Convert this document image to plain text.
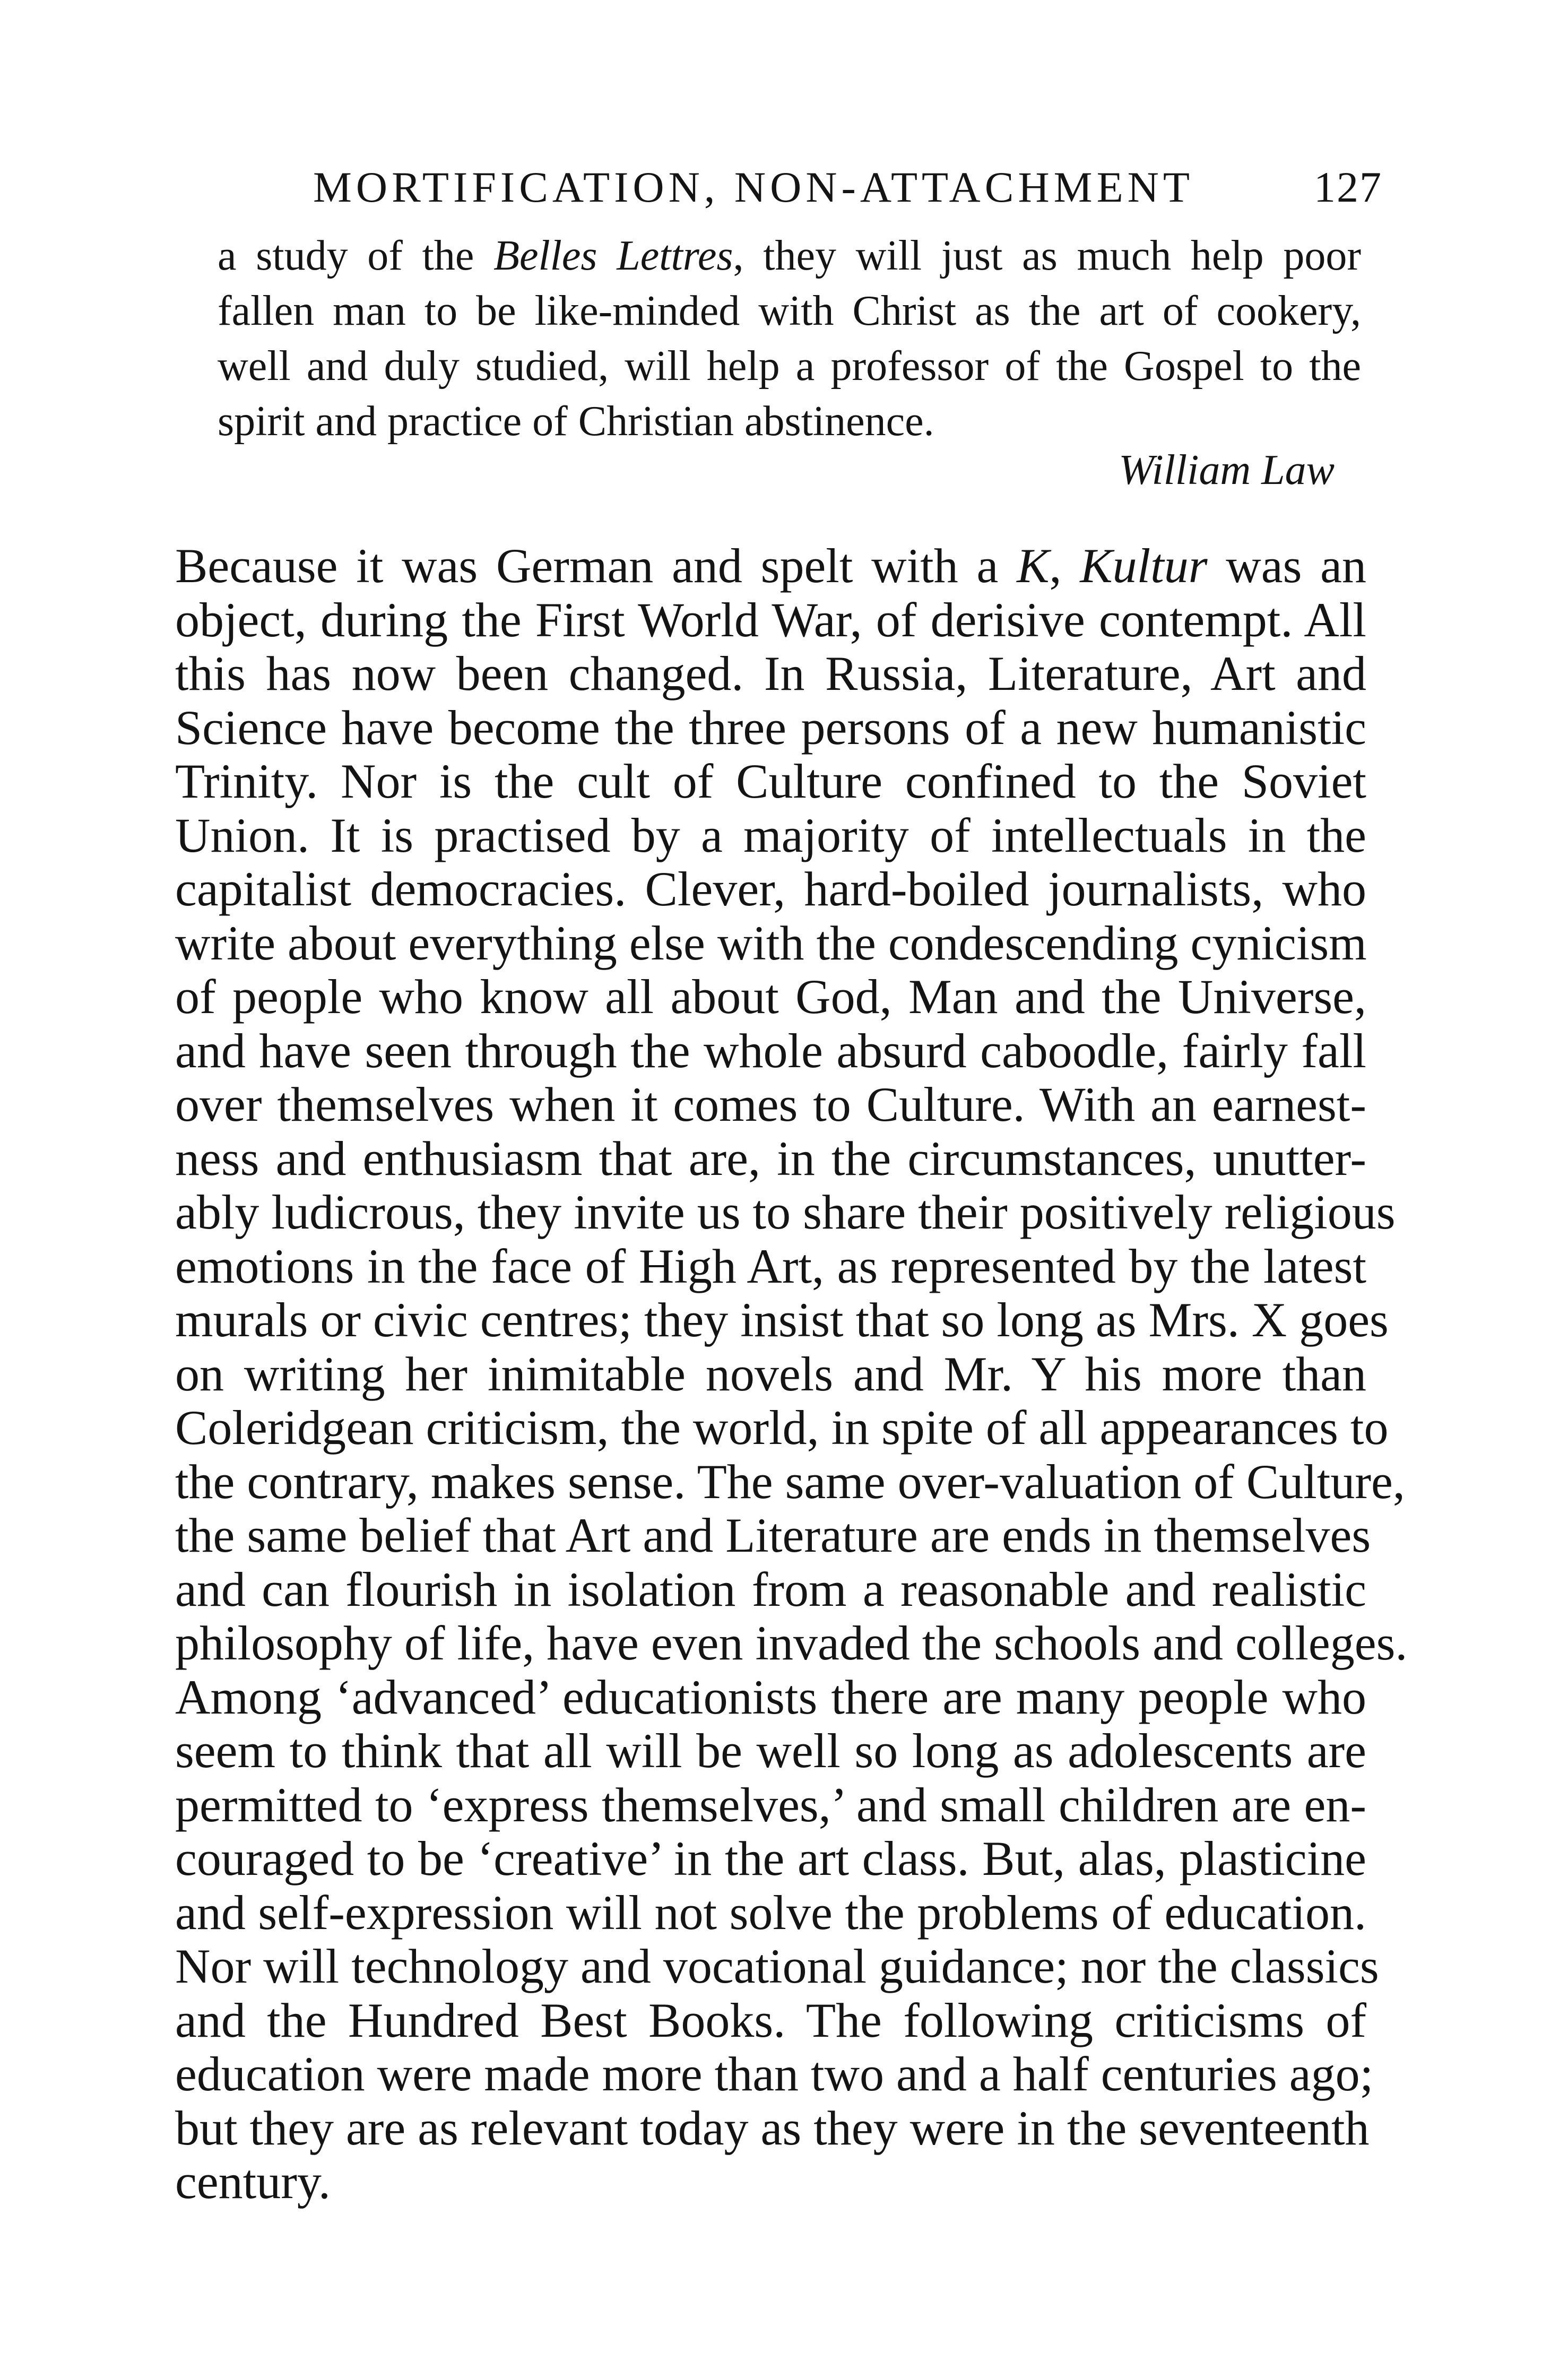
MORTIFICATION, NON-ATTACHMENT	127
a study of the Belles Lettres, they will just as much help poor
fallen man to be like-minded with Christ as the art of cookery,
well and duly studied, will help a professor of the Gospel to the
spirit and practice of Christian abstinence.
William Law
Because it was German and spelt with a K, Kultur was an
object, during the First World War, of derisive contempt. All
this has now been changed. In Russia, Literature, Art and
Science have become the three persons of a new humanistic
Trinity. Nor is the cult of Culture confined to the Soviet
Union. It is practised by a majority of intellectuals in the
capitalist democracies. Clever, hard-boiled journalists, who
write about everything else with the condescending cynicism
of people who know all about God, Man and the Universe,
and have seen through the whole absurd caboodle, fairly fall
over themselves when it comes to Culture. With an earnest-
ness and enthusiasm that are, in the circumstances, unutter-
ably ludicrous, they invite us to share their positively religious
emotions in the face of High Art, as represented by the latest
murals or civic centres; they insist that so long as Mrs. X goes
on writing her inimitable novels and Mr. Y his more than
Coleridgean criticism, the world, in spite of all appearances to
the contrary, makes sense. The same over-valuation of Culture,
the same belief that Art and Literature are ends in themselves
and can flourish in isolation from a reasonable and realistic
philosophy of life, have even invaded the schools and colleges.
Among ‘advanced’ educationists there are many people who
seem to think that all will be well so long as adolescents are
permitted to ‘express themselves,’ and small children are en-
couraged to be ‘creative’ in the art class. But, alas, plasticine
and self-expression will not solve the problems of education.
Nor will technology and vocational guidance; nor the classics
and the Hundred Best Books. The following criticisms of
education were made more than two and a half centuries ago;
but they are as relevant today as they were in the seventeenth
century.
